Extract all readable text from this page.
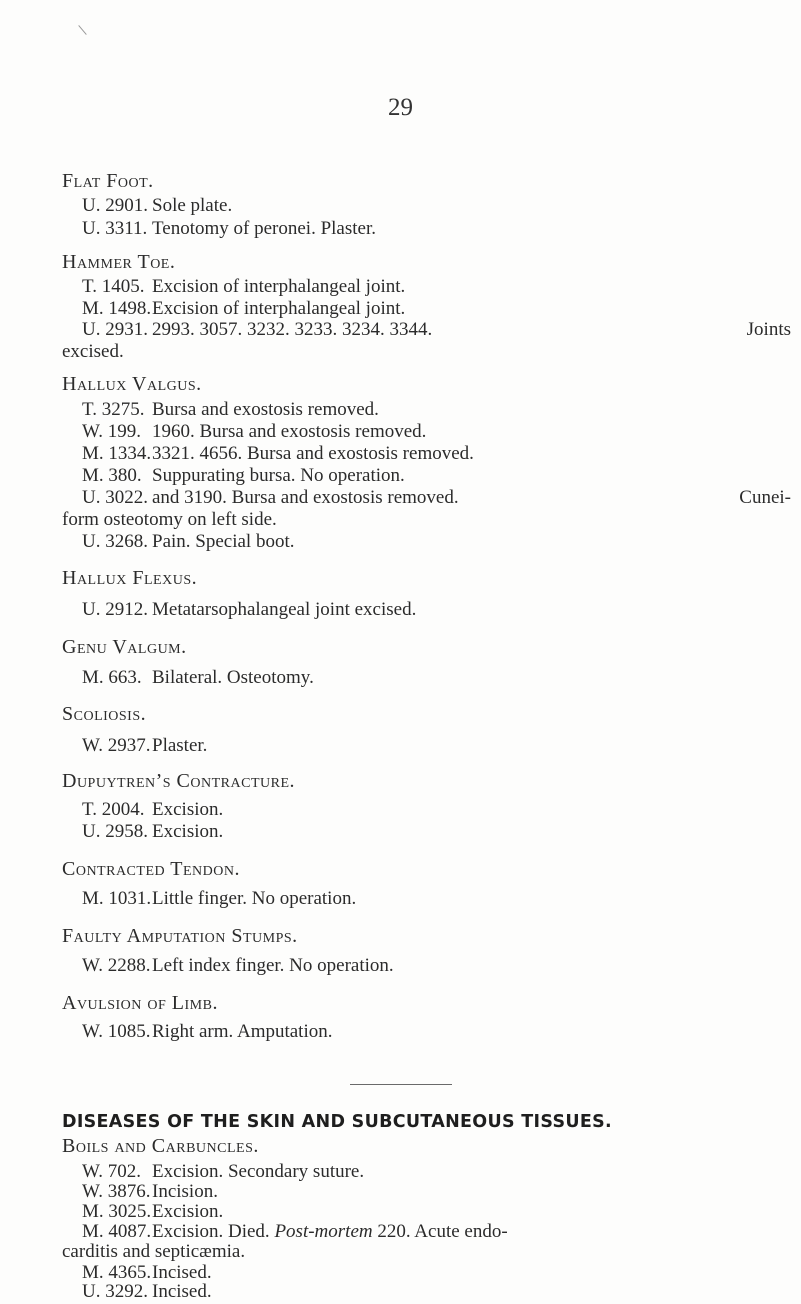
29
Flat Foot.
U. 2901. Sole plate.
U. 3311. Tenotomy of peronei. Plaster.
Hammer Toe.
T. 1405. Excision of interphalangeal joint.
M. 1498.Excision of interphalangeal joint.
U. 2931. 2993. 3057. 3232. 3233. 3234. 3344.	Joints
excised.
Hallux Valgus.
T. 3275. Bursa and exostosis removed.
W. 199. 1960. Bursa and exostosis removed.
M. 1334.3321. 4656. Bursa and exostosis removed.
M. 380. Suppurating bursa. No operation.
U. 3022. and 3190. Bursa and exostosis removed.	Cunei-
form osteotomy on left side.
U. 3268. Pain. Special boot.
Hallux Flexus.
U. 2912. Metatarsophalangeal joint excised.
Genu Valgum.
M. 663. Bilateral. Osteotomy.
Scoliosis.
W. 2937.Plaster.
Dupuytren’s Contracture.
T. 2004. Excision.
U. 2958. Excision.
Contracted Tendon.
M. 1031.Little finger. No operation.
Faulty Amputation Stumps.
W. 2288.Left index finger. No operation.
Avulsion of Limb.
W. 1085.Right arm. Amputation.
DISEASES OF THE SKIN AND SUBCUTANEOUS TISSUES.
Boils and Carbuncles.
W. 702. Excision. Secondary suture.
W. 3876.Incision.
M. 3025.Excision.
M. 4087.Excision. Died. Post-mortem 220. Acute endo-
carditis and septicæmia.
M. 4365.Incised.
U. 3292. Incised.
